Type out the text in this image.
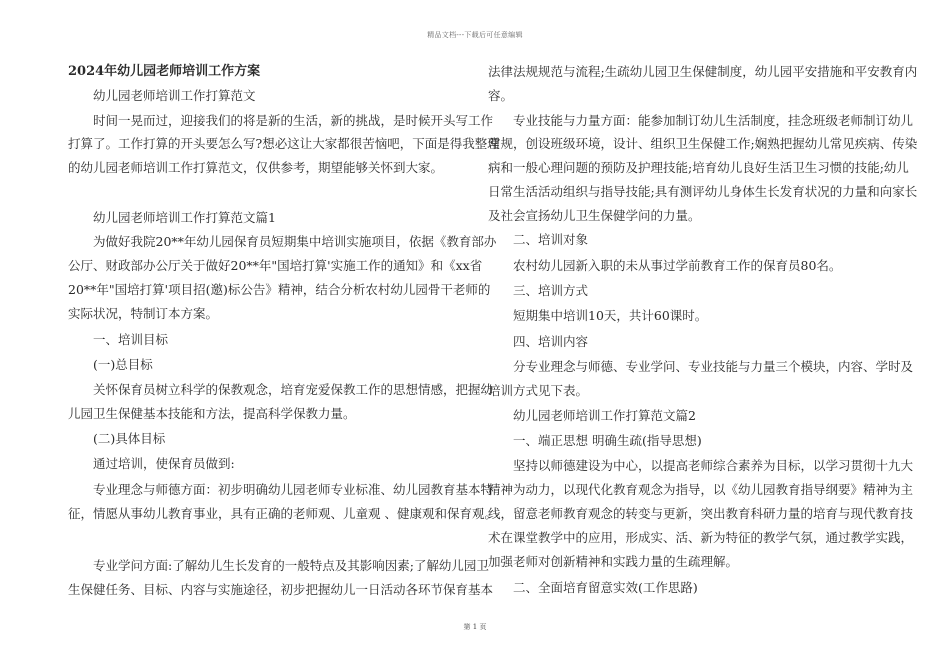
精品文档---下载后可任意编辑
2024年幼儿园老师培训工作方案
幼儿园老师培训工作打算范文
时间一晃而过，迎接我们的将是新的生活，新的挑战，是时候开头写工作
打算了。工作打算的开头要怎么写?想必这让大家都很苦恼吧，下面是得我整理
的幼儿园老师培训工作打算范文，仅供参考，期望能够关怀到大家。
幼儿园老师培训工作打算范文篇1
为做好我院20**年幼儿园保育员短期集中培训实施项目，依据《教育部办
公厅、财政部办公厅关于做好20**年"国培打算'实施工作的通知》和《xx省
20**年"国培打算'项目招(邀)标公告》精神，结合分析农村幼儿园骨干老师的
实际状况，特制订本方案。
一、培训目标
(一)总目标
关怀保育员树立科学的保教观念，培育宠爱保教工作的思想情感，把握幼
儿园卫生保健基本技能和方法，提高科学保教力量。
(二)具体目标
通过培训，使保育员做到:
专业理念与师德方面：初步明确幼儿园老师专业标准、幼儿园教育基本特
征，情愿从事幼儿教育事业，具有正确的老师观、儿童观 、健康观和保育观。
专业学问方面:了解幼儿生长发育的一般特点及其影响因素;了解幼儿园卫
生保健任务、目标、内容与实施途径，初步把握幼儿一日活动各环节保育基本
法律法规规范与流程;生疏幼儿园卫生保健制度，幼儿园平安措施和平安教育内
容。
专业技能与力量方面：能参加制订幼儿生活制度，挂念班级老师制订幼儿
常规，创设班级环境，设计、组织卫生保健工作;娴熟把握幼儿常见疾病、传染
病和一般心理问题的预防及护理技能;培育幼儿良好生活卫生习惯的技能;幼儿
日常生活活动组织与指导技能;具有测评幼儿身体生长发育状况的力量和向家长
及社会宣扬幼儿卫生保健学问的力量。
二、培训对象
农村幼儿园新入职的未从事过学前教育工作的保育员80名。
三、培训方式
短期集中培训10天，共计60课时。
四、培训内容
分专业理念与师德、专业学问、专业技能与力量三个模块，内容、学时及
培训方式见下表。
幼儿园老师培训工作打算范文篇2
一、端正思想 明确生疏(指导思想)
坚持以师德建设为中心，以提高老师综合素养为目标，以学习贯彻十九大
精神为动力，以现代化教育观念为指导，以《幼儿园教育指导纲要》精神为主
线，留意老师教育观念的转变与更新，突出教育科研力量的培育与现代教育技
术在课堂教学中的应用，形成实、活、新为特征的教学气氛，通过教学实践，
加强老师对创新精神和实践力量的生疏理解。
二、全面培育留意实效(工作思路)
第 1 页
